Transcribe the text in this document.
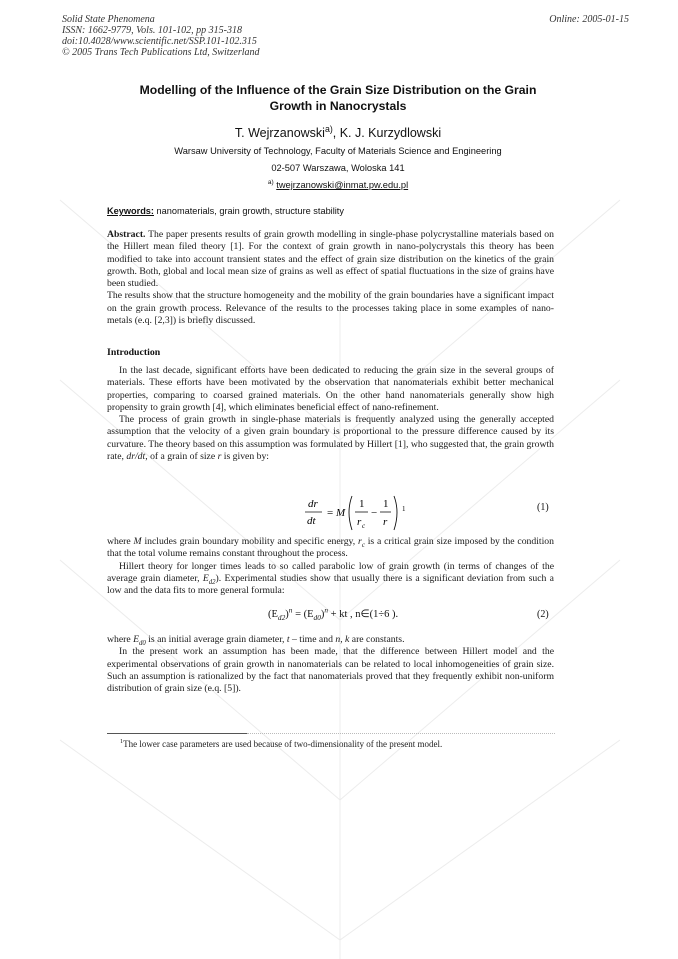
Solid State Phenomena
ISSN: 1662-9779, Vols. 101-102, pp 315-318
doi:10.4028/www.scientific.net/SSP.101-102.315
© 2005 Trans Tech Publications Ltd, Switzerland
Online: 2005-01-15
Modelling of the Influence of the Grain Size Distribution on the Grain
Growth in Nanocrystals
T. Wejrzanowski$^{a)}$, K. J. Kurzydlowski
Warsaw University of Technology, Faculty of Materials Science and Engineering
02-507 Warszawa, Woloska 141
$^{a)}$ twejrzanowski@inmat.pw.edu.pl
Keywords: nanomaterials, grain growth, structure stability

Abstract. The paper presents results of grain growth modelling in single-phase polycrystalline materials based on the Hillert mean filed theory [1]. For the context of grain growth in nano-polycrystals this theory has been modified to take into account transient states and the effect of grain size distribution on the kinetics of the grain growth. Both, global and local mean size of grains as well as effect of spatial fluctuations in the size of grains have been studied.

The results show that the structure homogeneity and the mobility of the grain boundaries have a significant impact on the grain growth process. Relevance of the results to the processes taking place in some examples of nano-metals (e.q. [2,3]) is briefly discussed.

Introduction

In the last decade, significant efforts have been dedicated to reducing the grain size in the several groups of materials. These efforts have been motivated by the observation that nanomaterials exhibit better mechanical properties, comparing to coarsed grained materials. On the other hand nanomaterials generally show high propensity to grain growth [4], which eliminates beneficial effect of nano-refinement.

The process of grain growth in single-phase materials is frequently analyzed using the generally accepted assumption that the velocity of a given grain boundary is proportional to the pressure difference caused by its curvature. The theory based on this assumption was formulated by Hillert [1], who suggested that, the grain growth rate, dr/dt, of a grain of size r is given by:

dr
dt
= M
1
r c
−
1
r
1	(1)

where M includes grain boundary mobility and specific energy, $r_c$ is a critical grain size imposed by the condition that the total volume remains constant throughout the process.

Hillert theory for longer times leads to so called parabolic low of grain growth (in terms of changes of the average grain diameter, $E_{d2}$). Experimental studies show that usually there is a significant deviation from such a low and the data fits to more general formula:

$(E_{d2})^n = (E_{d0})^n$ + kt , n∈(1÷6 ).	(2)

where $E_{d0}$ is an initial average grain diameter, t – time and n, k are constants.

In the present work an assumption has been made, that the difference between Hillert model and the experimental observations of grain growth in nanomaterials can be related to local inhomogeneities of grain size. Such an assumption is rationalized by the fact that nanomaterials proved that they frequently exhibit non-uniform distribution of grain size (e.q. [5]).

$^1$The lower case parameters are used because of two-dimensionality of the present model.
